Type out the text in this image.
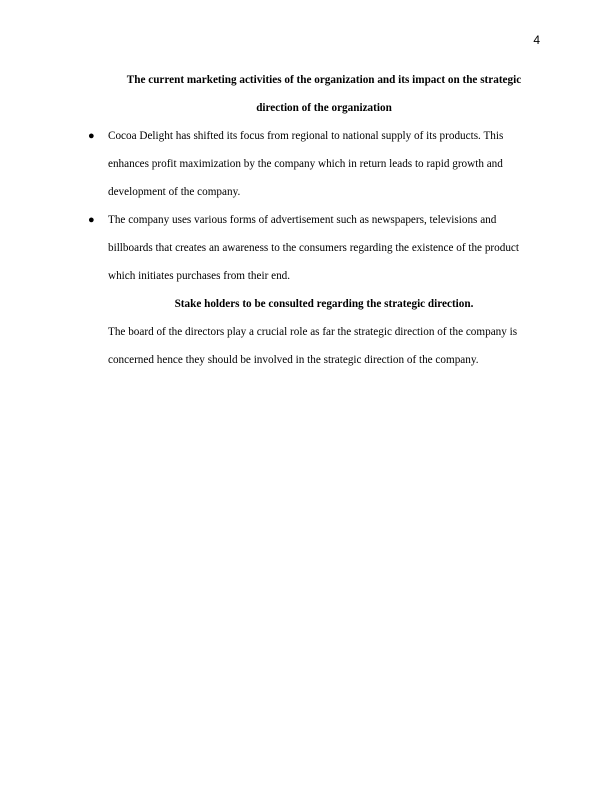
4

The current marketing activities of the organization and its impact on the strategic direction of the organization

● Cocoa Delight has shifted its focus from regional to national supply of its products. This enhances profit maximization by the company which in return leads to rapid growth and development of the company.
● The company uses various forms of advertisement such as newspapers, televisions and billboards that creates an awareness to the consumers regarding the existence of the product which initiates purchases from their end.

Stake holders to be consulted regarding the strategic direction.

The board of the directors play a crucial role as far the strategic direction of the company is concerned hence they should be involved in the strategic direction of the company.
